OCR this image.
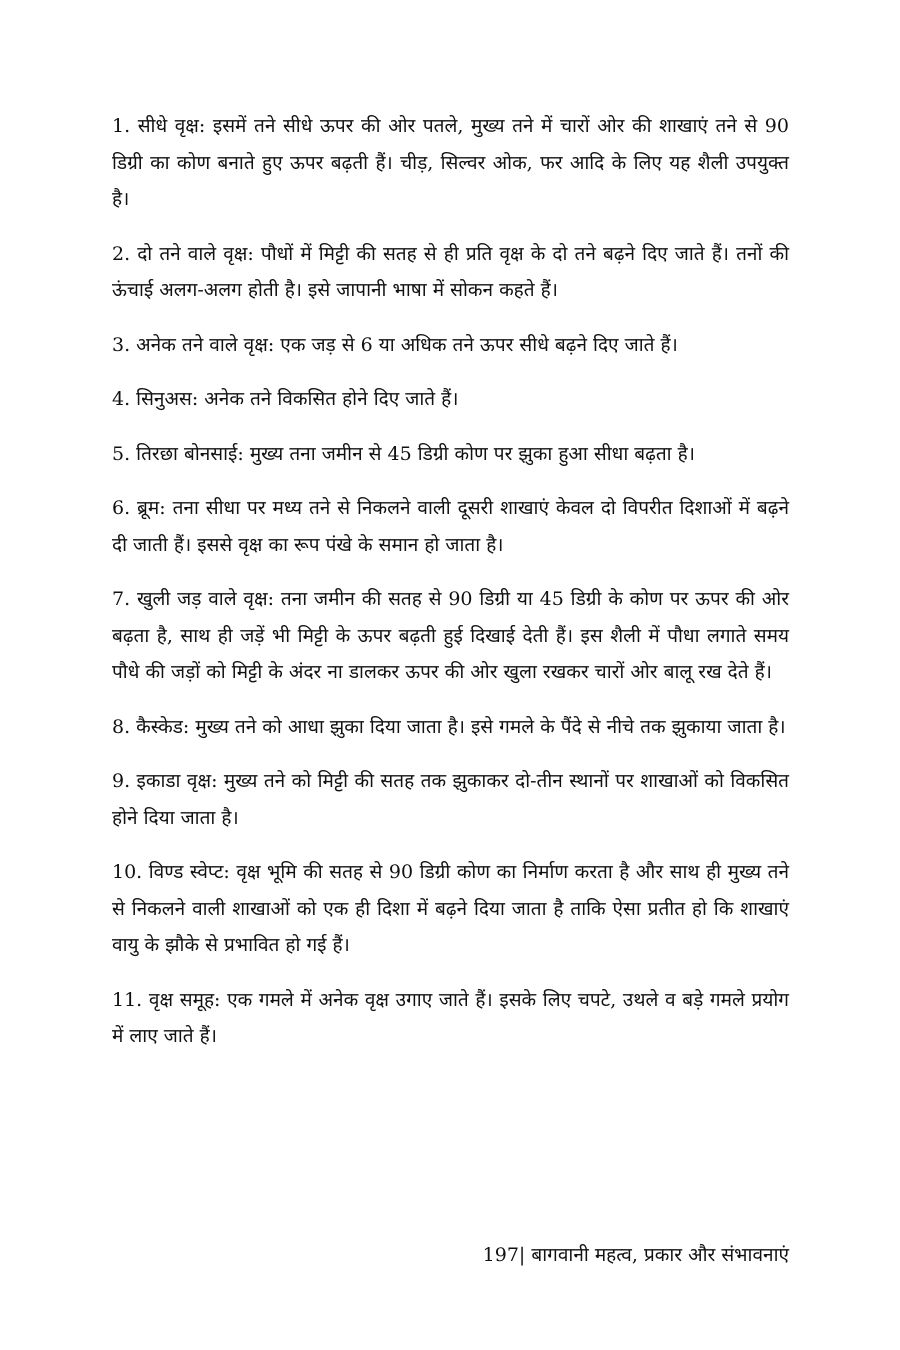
1. सीधे वृक्ष: इसमें तने सीधे ऊपर की ओर पतले, मुख्य तने में चारों ओर की शाखाएं तने से 90 डिग्री का कोण बनाते हुए ऊपर बढ़ती हैं। चीड़, सिल्वर ओक, फर आदि के लिए यह शैली उपयुक्त है।

2. दो तने वाले वृक्ष: पौधों में मिट्टी की सतह से ही प्रति वृक्ष के दो तने बढ़ने दिए जाते हैं। तनों की ऊंचाई अलग-अलग होती है। इसे जापानी भाषा में सोकन कहते हैं।

3. अनेक तने वाले वृक्ष: एक जड़ से 6 या अधिक तने ऊपर सीधे बढ़ने दिए जाते हैं।

4. सिनुअस: अनेक तने विकसित होने दिए जाते हैं।

5. तिरछा बोनसाई: मुख्य तना जमीन से 45 डिग्री कोण पर झुका हुआ सीधा बढ़ता है।

6. ब्रूम: तना सीधा पर मध्य तने से निकलने वाली दूसरी शाखाएं केवल दो विपरीत दिशाओं में बढ़ने दी जाती हैं। इससे वृक्ष का रूप पंखे के समान हो जाता है।

7. खुली जड़ वाले वृक्ष: तना जमीन की सतह से 90 डिग्री या 45 डिग्री के कोण पर ऊपर की ओर बढ़ता है, साथ ही जड़ें भी मिट्टी के ऊपर बढ़ती हुई दिखाई देती हैं। इस शैली में पौधा लगाते समय पौधे की जड़ों को मिट्टी के अंदर ना डालकर ऊपर की ओर खुला रखकर चारों ओर बालू रख देते हैं।

8. कैस्केड: मुख्य तने को आधा झुका दिया जाता है। इसे गमले के पैंदे से नीचे तक झुकाया जाता है।

9. इकाडा वृक्ष: मुख्य तने को मिट्टी की सतह तक झुकाकर दो-तीन स्थानों पर शाखाओं को विकसित होने दिया जाता है।

10. विण्ड स्वेप्ट: वृक्ष भूमि की सतह से 90 डिग्री कोण का निर्माण करता है और साथ ही मुख्य तने से निकलने वाली शाखाओं को एक ही दिशा में बढ़ने दिया जाता है ताकि ऐसा प्रतीत हो कि शाखाएं वायु के झौके से प्रभावित हो गई हैं।

11. वृक्ष समूह: एक गमले में अनेक वृक्ष उगाए जाते हैं। इसके लिए चपटे, उथले व बड़े गमले प्रयोग में लाए जाते हैं।

197| बागवानी महत्व, प्रकार और संभावनाएं
